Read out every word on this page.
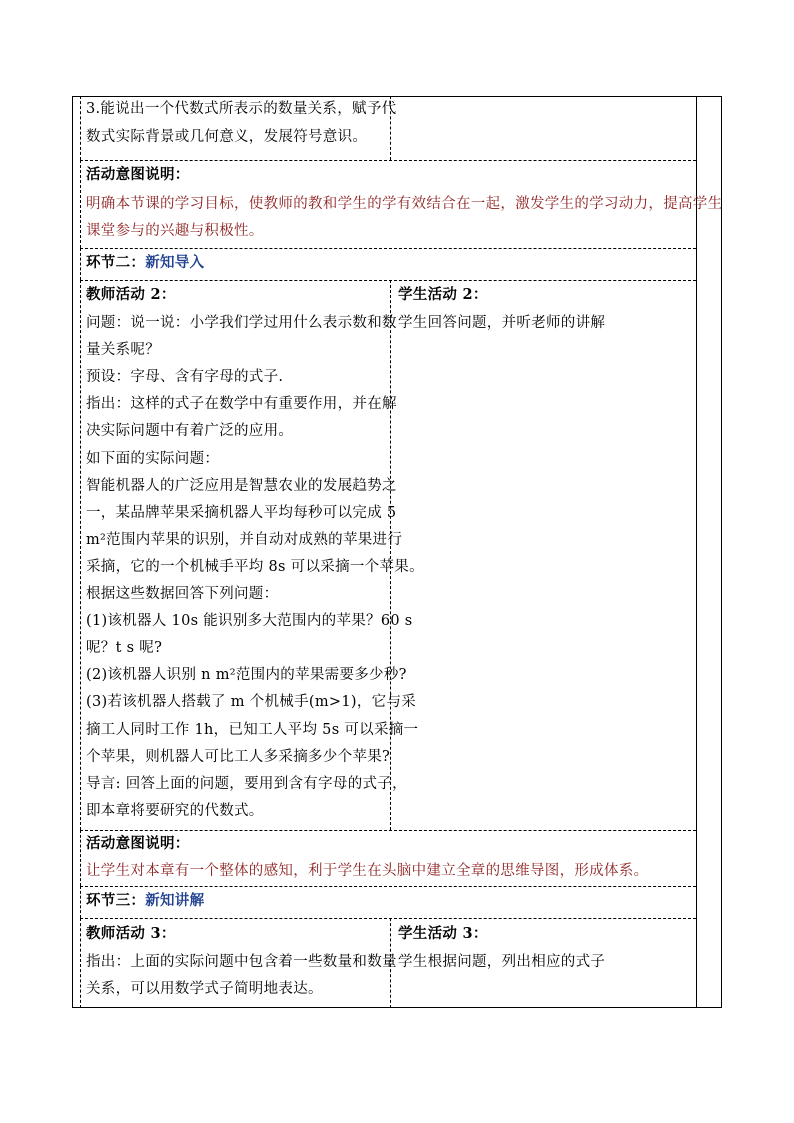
3.能说出一个代数式所表示的数量关系，赋予代
数式实际背景或几何意义，发展符号意识。
活动意图说明：
明确本节课的学习目标，使教师的教和学生的学有效结合在一起，激发学生的学习动力，提高学生
课堂参与的兴趣与积极性。
环节二：新知导入
教师活动 2：	学生活动 2：
学生回答问题，并听老师的讲解
问题：说一说：小学我们学过用什么表示数和数
量关系呢？
预设：字母、含有字母的式子.
指出：这样的式子在数学中有重要作用，并在解
决实际问题中有着广泛的应用。
如下面的实际问题：
智能机器人的广泛应用是智慧农业的发展趋势之
一，某品牌苹果采摘机器人平均每秒可以完成 5
m²范围内苹果的识别，并自动对成熟的苹果进行
采摘，它的一个机械手平均 8s 可以采摘一个苹果。
根据这些数据回答下列问题：
(1)该机器人 10s 能识别多大范围内的苹果？60 s
呢？t s 呢?
(2)该机器人识别 n m²范围内的苹果需要多少秒?
(3)若该机器人搭载了 m 个机械手(m>1)，它与采
摘工人同时工作 1h，已知工人平均 5s 可以采摘一
个苹果，则机器人可比工人多采摘多少个苹果?
导言: 回答上面的问题，要用到含有字母的式子，
即本章将要研究的代数式。
活动意图说明：
让学生对本章有一个整体的感知，利于学生在头脑中建立全章的思维导图，形成体系。
环节三：新知讲解
教师活动 3：	学生活动 3：
指出：上面的实际问题中包含着一些数量和数量
关系，可以用数学式子简明地表达。
学生根据问题，列出相应的式子
